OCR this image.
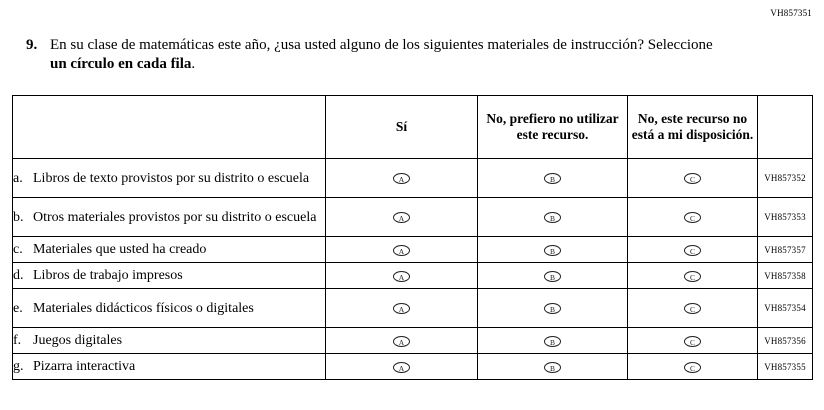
VH857351
9. En su clase de matemáticas este año, ¿usa usted alguno de los siguientes materiales de instrucción? Seleccione un círculo en cada fila.
	Sí	No, prefiero no utilizar este recurso.	No, este recurso no está a mi disposición.	

a. Libros de texto provistos por su distrito o escuela	A	B	C	VH857352

b. Otros materiales provistos por su distrito o escuela	A	B	C	VH857353

c. Materiales que usted ha creado	A	B	C	VH857357

d. Libros de trabajo impresos	A	B	C	VH857358

e. Materiales didácticos físicos o digitales	A	B	C	VH857354

f. Juegos digitales	A	B	C	VH857356

g. Pizarra interactiva	A	B	C	VH857355
